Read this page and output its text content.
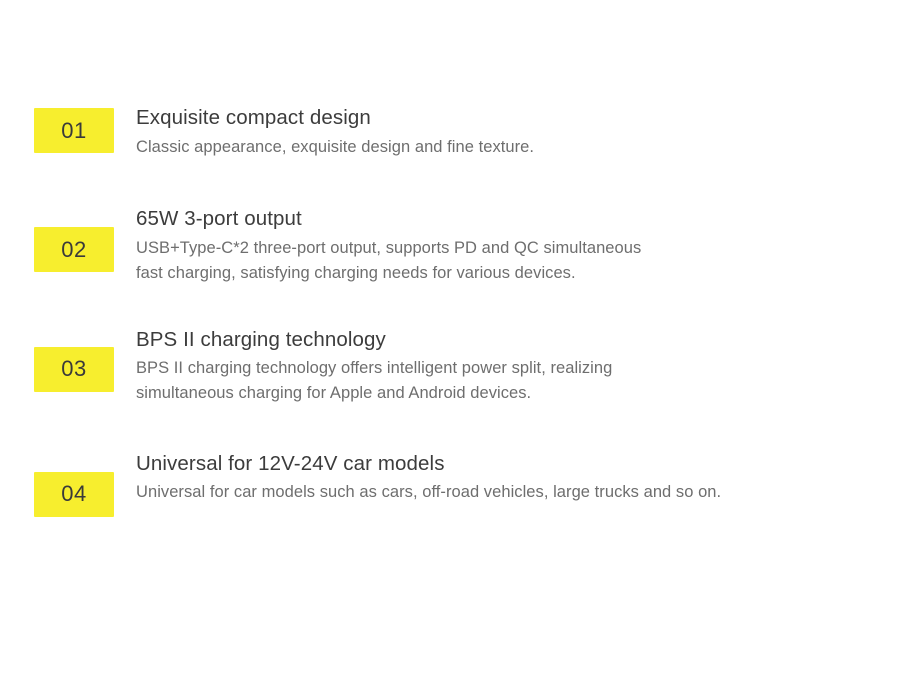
01 Exquisite compact design
Classic appearance, exquisite design and fine texture.
02
65W 3-port output
USB+Type-C*2 three-port output, supports PD and QC simultaneous
fast charging, satisfying charging needs for various devices.
03
BPS II charging technology
BPS II charging technology offers intelligent power split, realizing
simultaneous charging for Apple and Android devices.
04
Universal for 12V-24V car models
Universal for car models such as cars, off-road vehicles, large trucks and so on.
